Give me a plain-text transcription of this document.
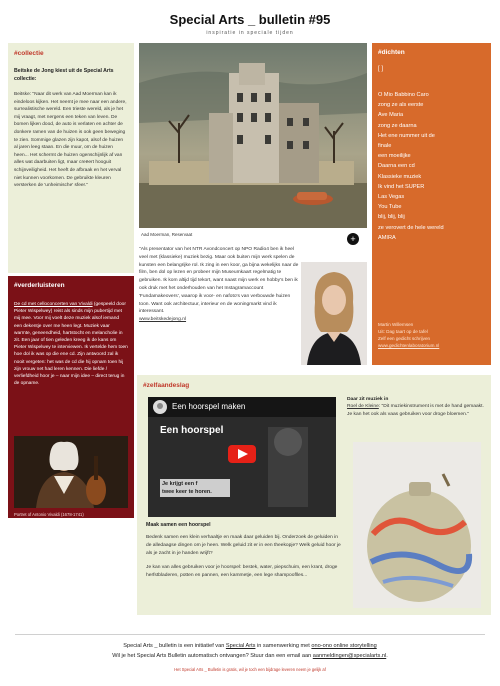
Special Arts _ bulletin #95
inspiratie in speciale tijden
#collectie
Beitske de Jong kiest uit de Special Arts collectie:
Beitske: "Naar dit werk van Aad Moerman kan ik eindeloos kijken. Het neemt je mee naar een andere, surrealistische wereld. Een trieste wereld, als je het mij vraagt, met nergens een teken van leven. De bomen lijken dood, de auto is verlaten en achter de donkere ramen van de huizen is ook geen beweging te zien. Sommige glazen zijn kapot, alsof de huizen al jaren leeg staan. En die muur, om de huizen heen... Het schermt de huizen ogenschijnlijk af van alles wat daarbuiten ligt, maar creëert hooguit schijnveiligheid. Het heeft de afbraak en het verval niet kunnen voorkomen. De gebruikte kleuren versterken de 'unheimische' sfeer."
#verderluisteren
De cd met celloconcerten van Vivaldi (gespeeld door Pieter Wispelwey) reist als sinds mijn pubertijd met mij mee. Voor mij voelt deze muziek alsof iemand een dekentje over me heen legt. Muziek vaar warmte, geneendheid, hartstocht en melancholie in zit. Een jaar of tien geleden kreeg ik de kans om Pieter Wispelwey te interviewen. Ik vertelde hem toen hoe dol ik was op die ene cd. Zijn antwoord zal ik nooit vergeten: het was de cd die hij opnam toen hij zijn vrouw net had leren kennen. Die liefde / verliefdheid hoor je – naar mijn idee – direct terug in de opname.
Portret of Antonio Vivaldi (1678-1741)
Aad Moerman, Reservaat	+
"Als presentator van het NTR Avondconcert op NPO Radio4 ben ik heel veel met (klassieke) muziek bezig. Maar ook buiten mijn werk spelen de kunsten een belangrijke rol. Ik zing in een koor, ga bijna wekelijks naar de film, ben dol op lezen en probeer mijn Museumkaart regelmatig te gebruiken. Ik kom altijd tijd tekort, want naast mijn werk en hobby's ben ik ook druk met het onderhouden van het Instagramaccount 'Fundamakeovers', waarop ik voor- en nafoto's van verbouwde huizen toon. Want ook architectuur, interieur en de woningmarkt vind ik interessant.
www.beitskedejong.nl
#dichten
[ ]
O Mio Babbino Caro
zong ze als eerste
Ave Maria
zong ze daarna
Het ene nummer uit de
finale
een moeilijke
Daarna een cd
Klassieke muziek
Ik vind het SUPER
Las Vegas
You Tube
blij, blij, blij
ze verovert de hele wereld
AMIRA
Martin Willemsen
Uit: Dag taart op de tafel
Zelf een gedicht schrijven
www.gedichtenlaboratorium.nl
#zelfaandeslag
Een hoorspel maken
Een hoorspel
Je krijgt een f
twee keer te horen.
Maak samen een hoorspel

Bedenk samen een klein verhaaltje en maak daar geluiden bij. Onderzoek de geluiden in de alledaagse dingen om je heen. Welk geluid zit er in een theekopje? Welk geluid hoor je als je zacht in je handen wrijft?

Je kan van alles gebruiken voor je hoorspel: bestek, water, piepschuim, een krant, droge herfstbladeren, potten en pannen, een kammetje, een lege shampooflles...

Daar zit muziek in
Roel de Kleine: "Dit muziekinstrument is met de hand gemaakt. Je kan het ook als vaas gebruiken voor droge bloemen."
Special Arts _ bulletin is een initiatief van Special Arts in samenwerking met ono-ono online storytelling
Wil je het Special Arts Bulletin automatisch ontvangen? Stuur dan een email aan aanmeldingen@specialarts.nl.
Het Special Arts _ Bulletin is gratis, wil je toch een bijdrage leveren neem je gelijk af
